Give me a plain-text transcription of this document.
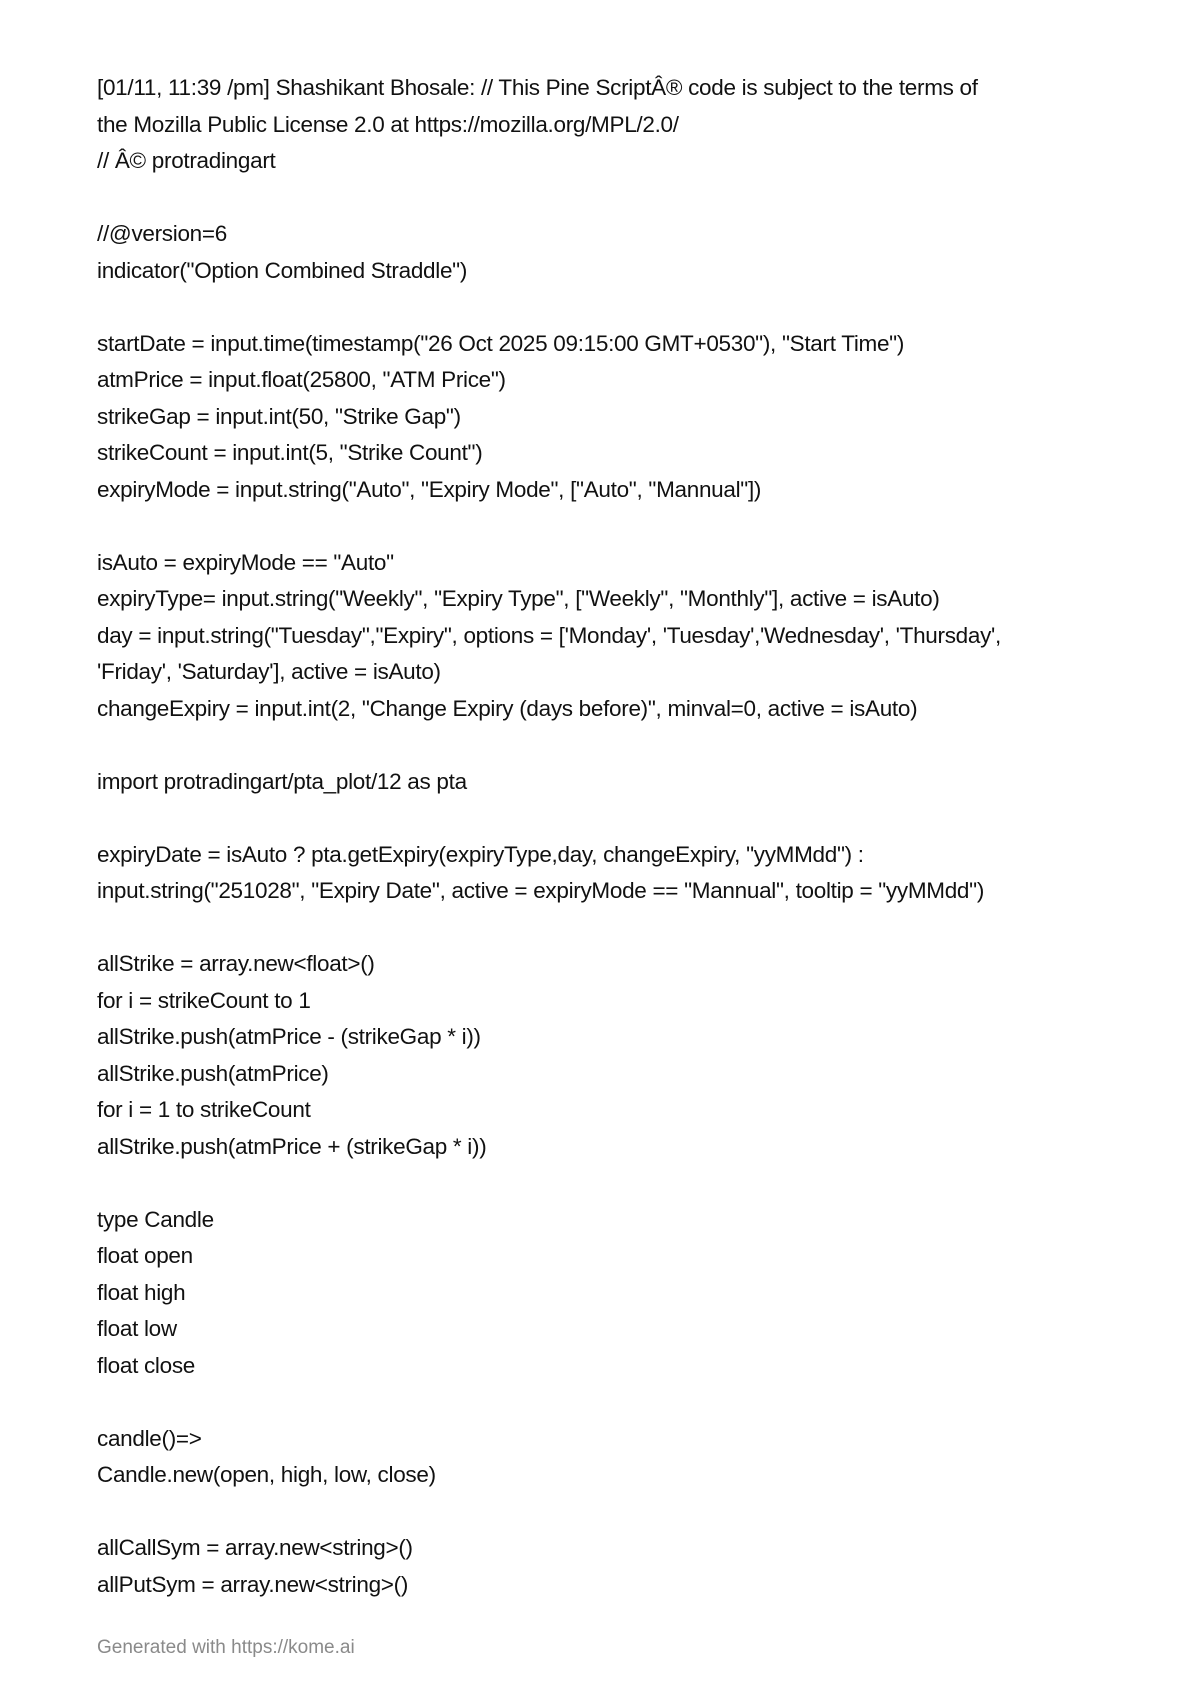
[01/11, 11:39 /pm] Shashikant Bhosale: // This Pine ScriptÂ® code is subject to the terms of
the Mozilla Public License 2.0 at https://mozilla.org/MPL/2.0/
// Â© protradingart
//@version=6
indicator("Option Combined Straddle")
startDate = input.time(timestamp("26 Oct 2025 09:15:00 GMT+0530"), "Start Time")
atmPrice = input.float(25800, "ATM Price")
strikeGap = input.int(50, "Strike Gap")
strikeCount = input.int(5, "Strike Count")
expiryMode = input.string("Auto", "Expiry Mode", ["Auto", "Mannual"])
isAuto = expiryMode == "Auto"
expiryType= input.string("Weekly", "Expiry Type", ["Weekly", "Monthly"], active = isAuto)
day = input.string("Tuesday","Expiry", options = ['Monday', 'Tuesday','Wednesday', 'Thursday',
'Friday', 'Saturday'], active = isAuto)
changeExpiry = input.int(2, "Change Expiry (days before)", minval=0, active = isAuto)
import protradingart/pta_plot/12 as pta
expiryDate = isAuto ? pta.getExpiry(expiryType,day, changeExpiry, "yyMMdd") :
input.string("251028", "Expiry Date", active = expiryMode == "Mannual", tooltip = "yyMMdd")
allStrike = array.new<float>()
for i = strikeCount to 1
allStrike.push(atmPrice - (strikeGap * i))
allStrike.push(atmPrice)
for i = 1 to strikeCount
allStrike.push(atmPrice + (strikeGap * i))
type Candle
float open
float high
float low
float close
candle()=>
Candle.new(open, high, low, close)
allCallSym = array.new<string>()
allPutSym = array.new<string>()
Generated with https://kome.ai
